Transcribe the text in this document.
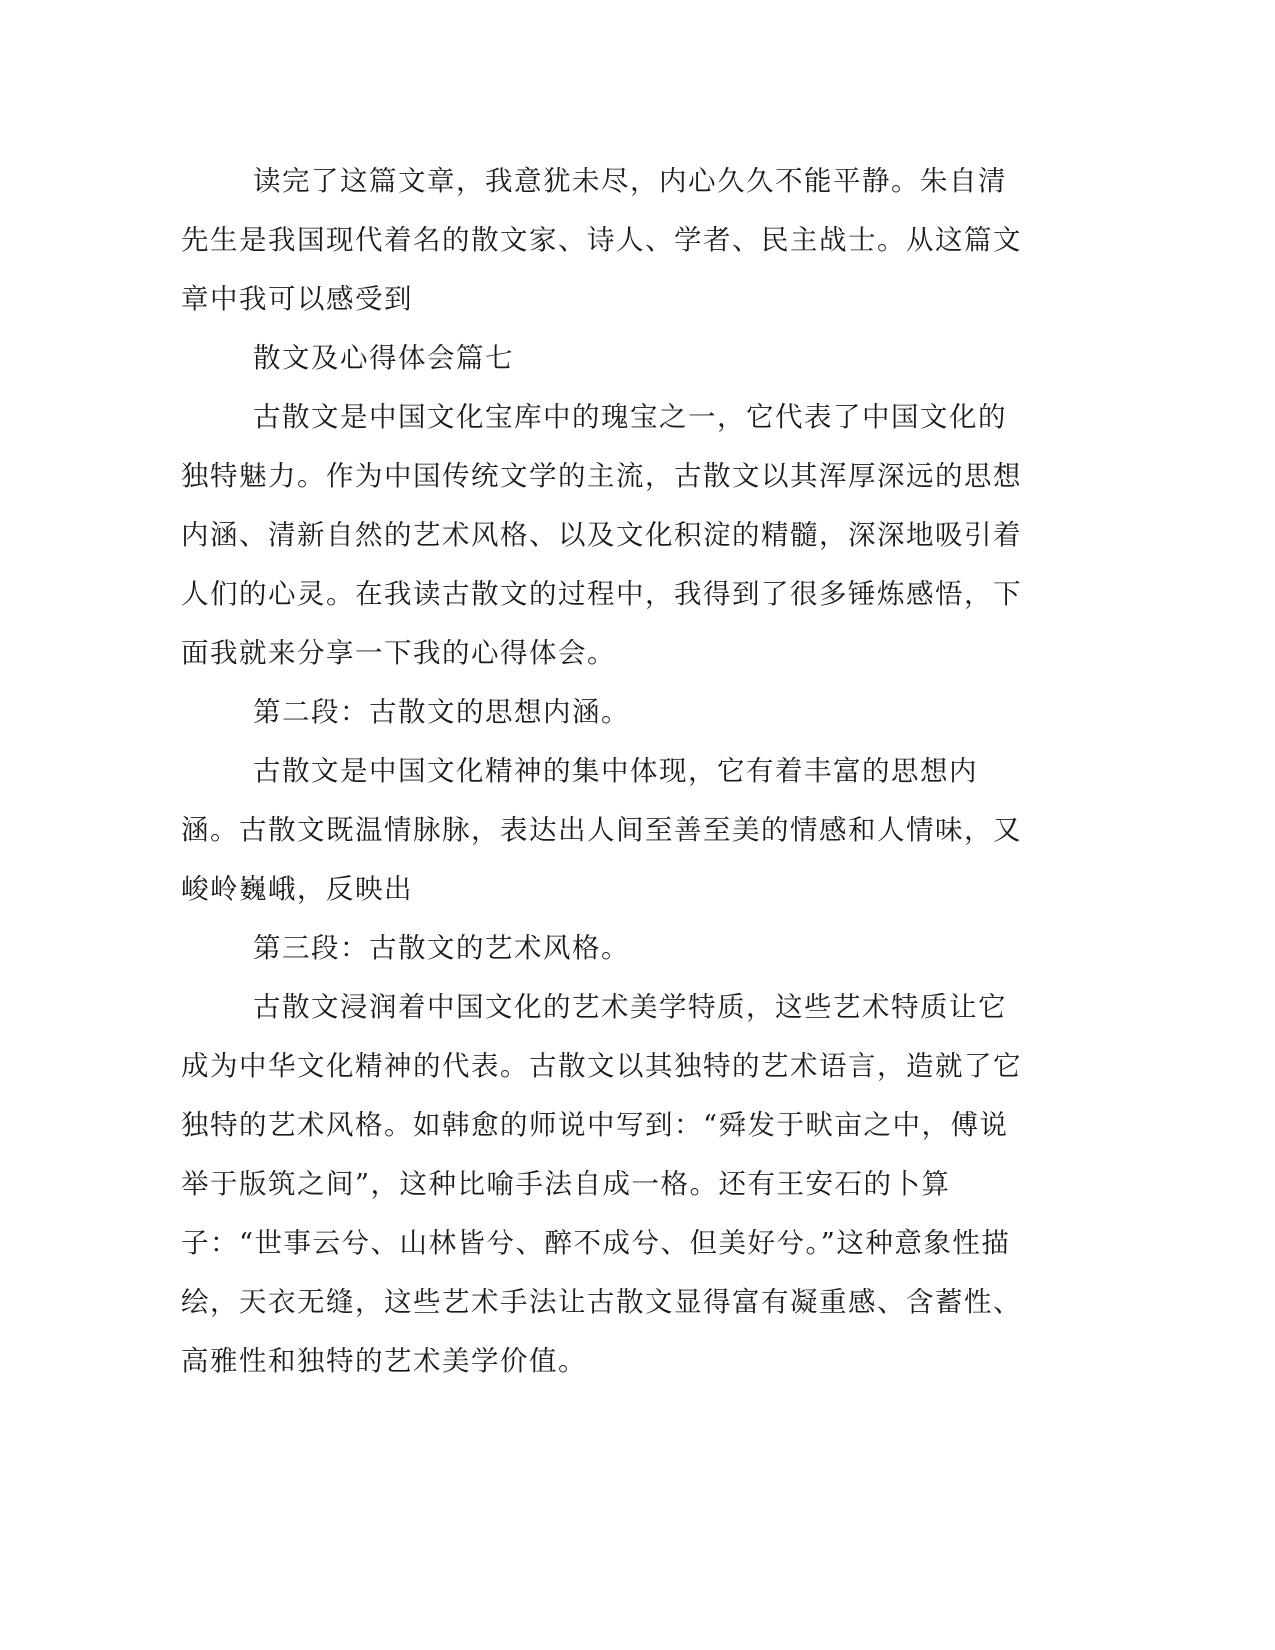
读完了这篇文章，我意犹未尽，内心久久不能平静。朱自清先生是我国现代着名的散文家、诗人、学者、民主战士。从这篇文章中我可以感受到

散文及心得体会篇七

古散文是中国文化宝库中的瑰宝之一，它代表了中国文化的独特魅力。作为中国传统文学的主流，古散文以其浑厚深远的思想内涵、清新自然的艺术风格、以及文化积淀的精髓，深深地吸引着人们的心灵。在我读古散文的过程中，我得到了很多锤炼感悟，下面我就来分享一下我的心得体会。

第二段：古散文的思想内涵。

古散文是中国文化精神的集中体现，它有着丰富的思想内涵。古散文既温情脉脉，表达出人间至善至美的情感和人情味，又峻岭巍峨，反映出

第三段：古散文的艺术风格。

古散文浸润着中国文化的艺术美学特质，这些艺术特质让它成为中华文化精神的代表。古散文以其独特的艺术语言，造就了它独特的艺术风格。如韩愈的师说中写到：“舜发于畎亩之中，傅说举于版筑之间”，这种比喻手法自成一格。还有王安石的卜算子：“世事云兮、山林皆兮、醉不成兮、但美好兮。”这种意象性描绘，天衣无缝，这些艺术手法让古散文显得富有凝重感、含蓄性、高雅性和独特的艺术美学价值。
